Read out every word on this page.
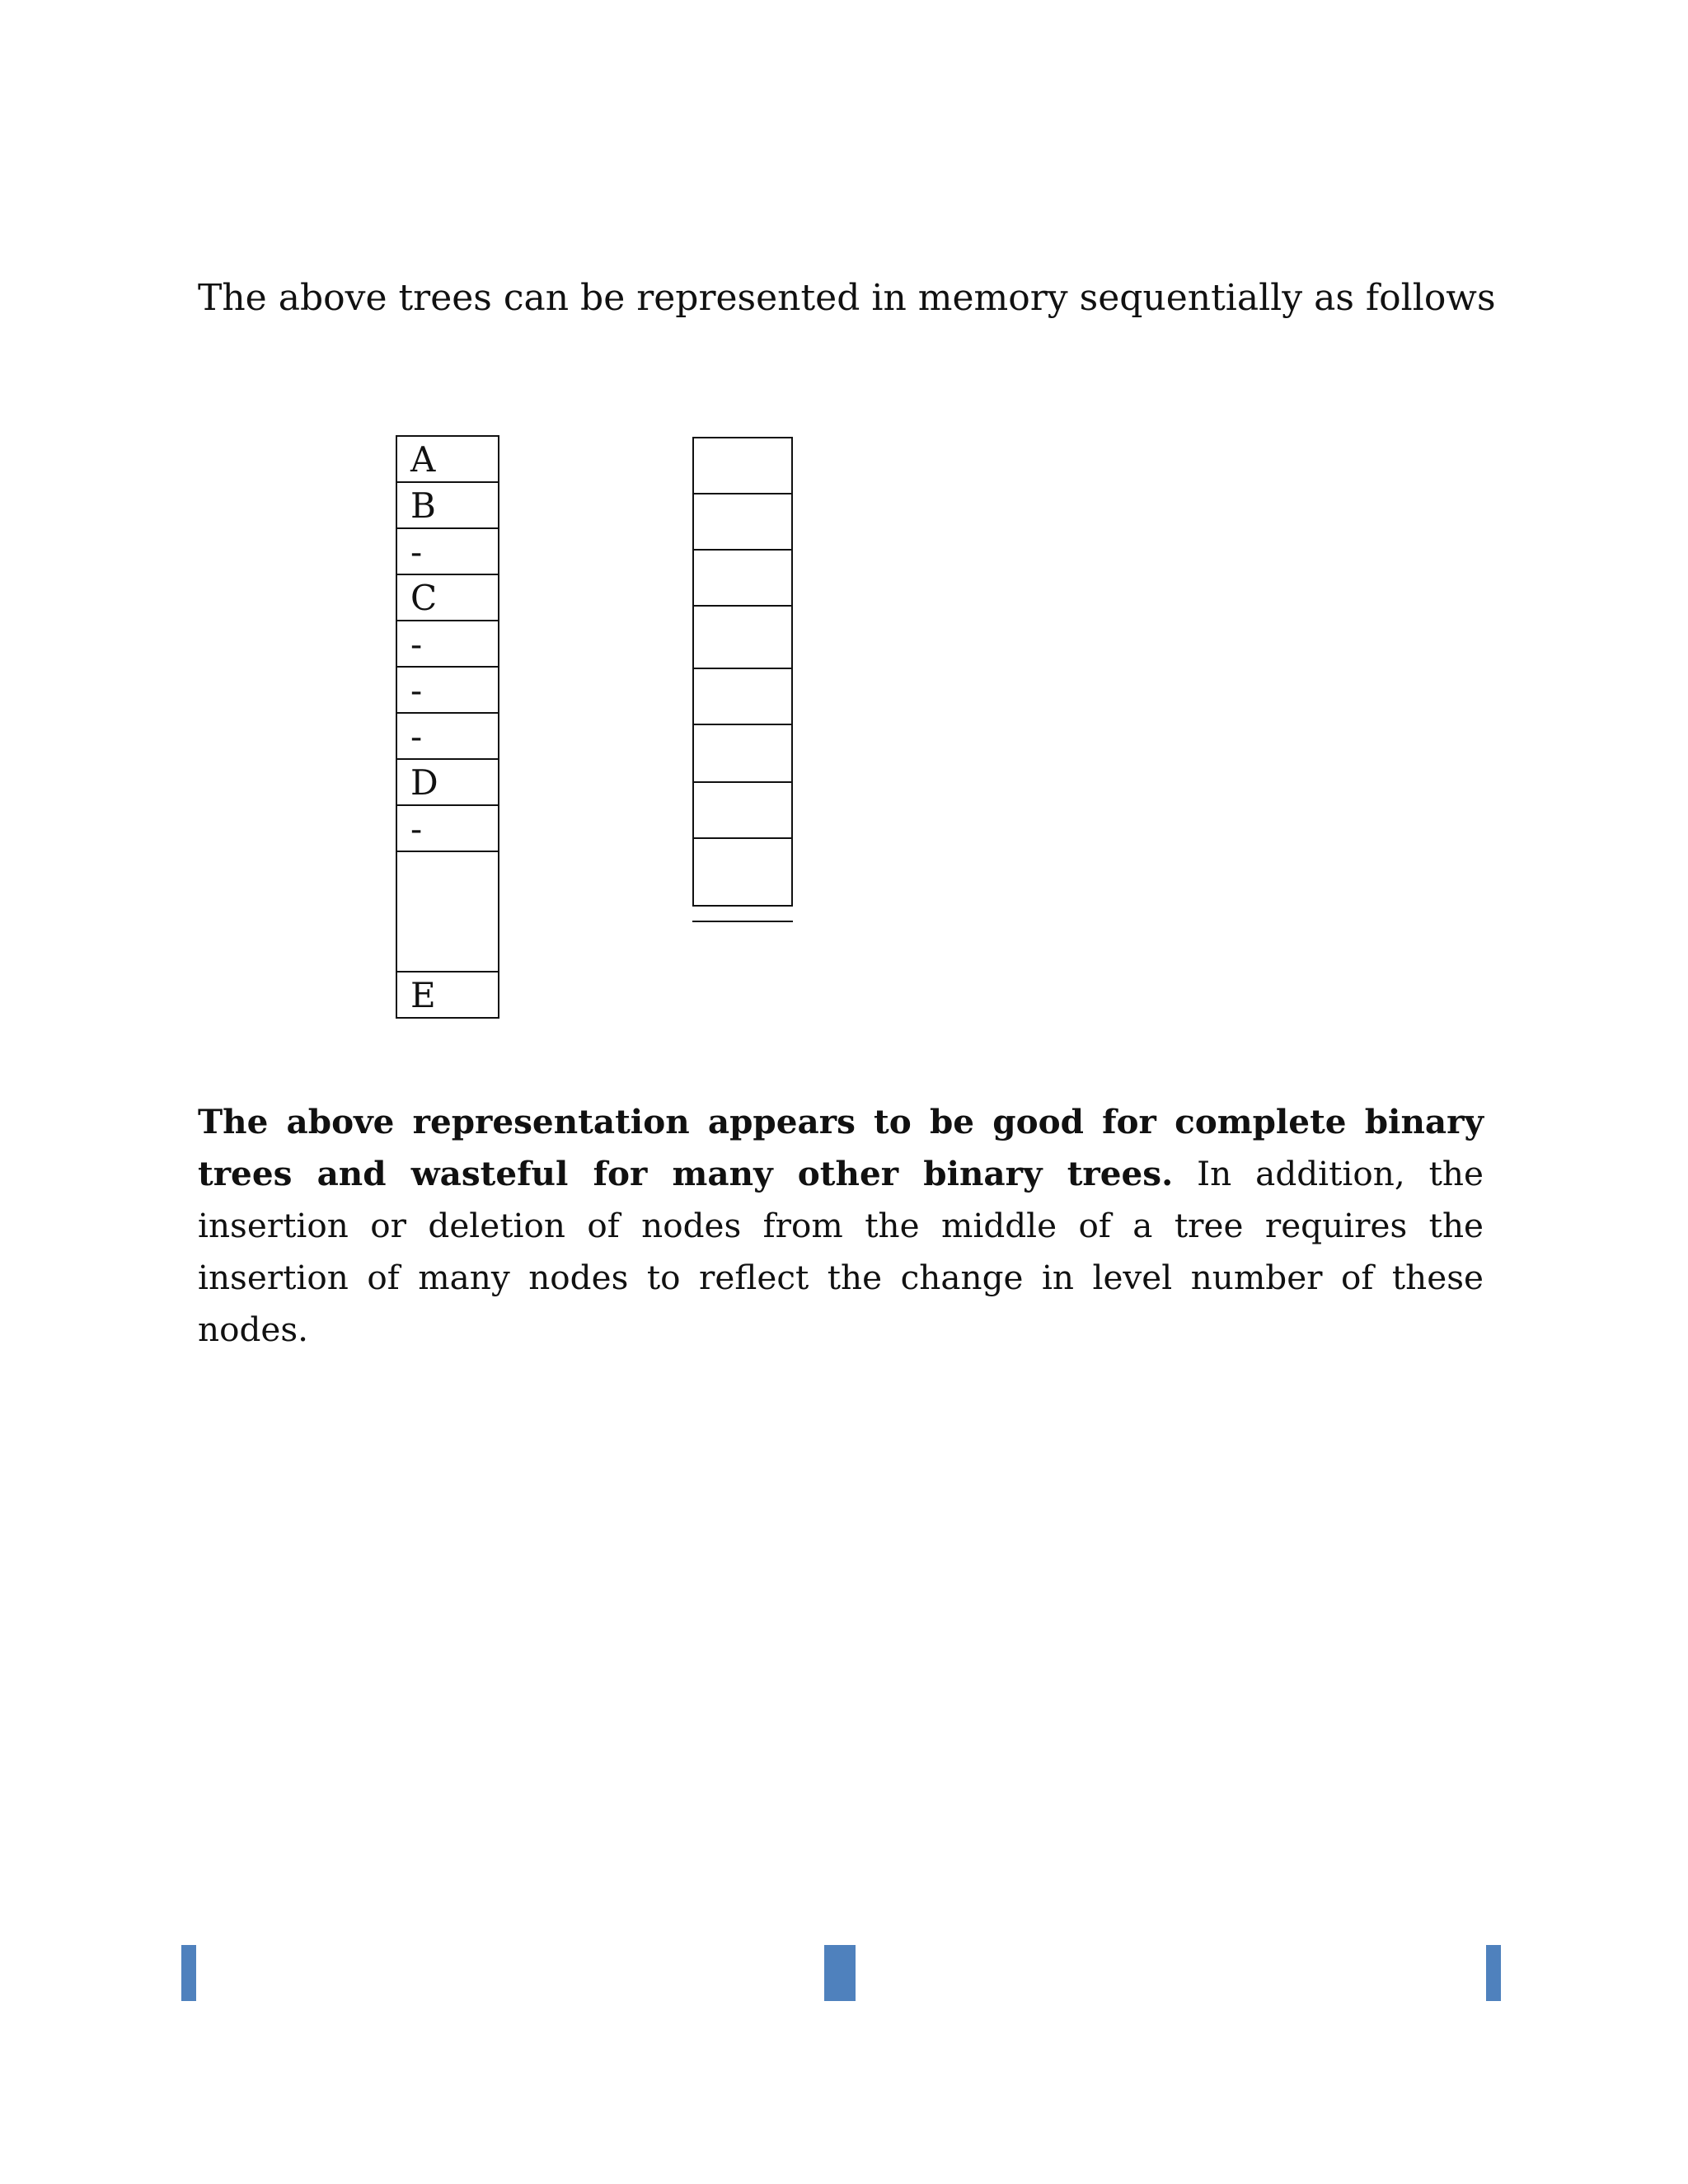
The above trees can be represented in memory sequentially as follows
A
B
-
C
-
-
-
D
-
E
The above representation appears to be good for complete binary trees and wasteful for many other binary trees. In addition, the insertion or deletion of nodes from the middle of a tree requires the insertion of many nodes to reflect the change in level number of these nodes.
